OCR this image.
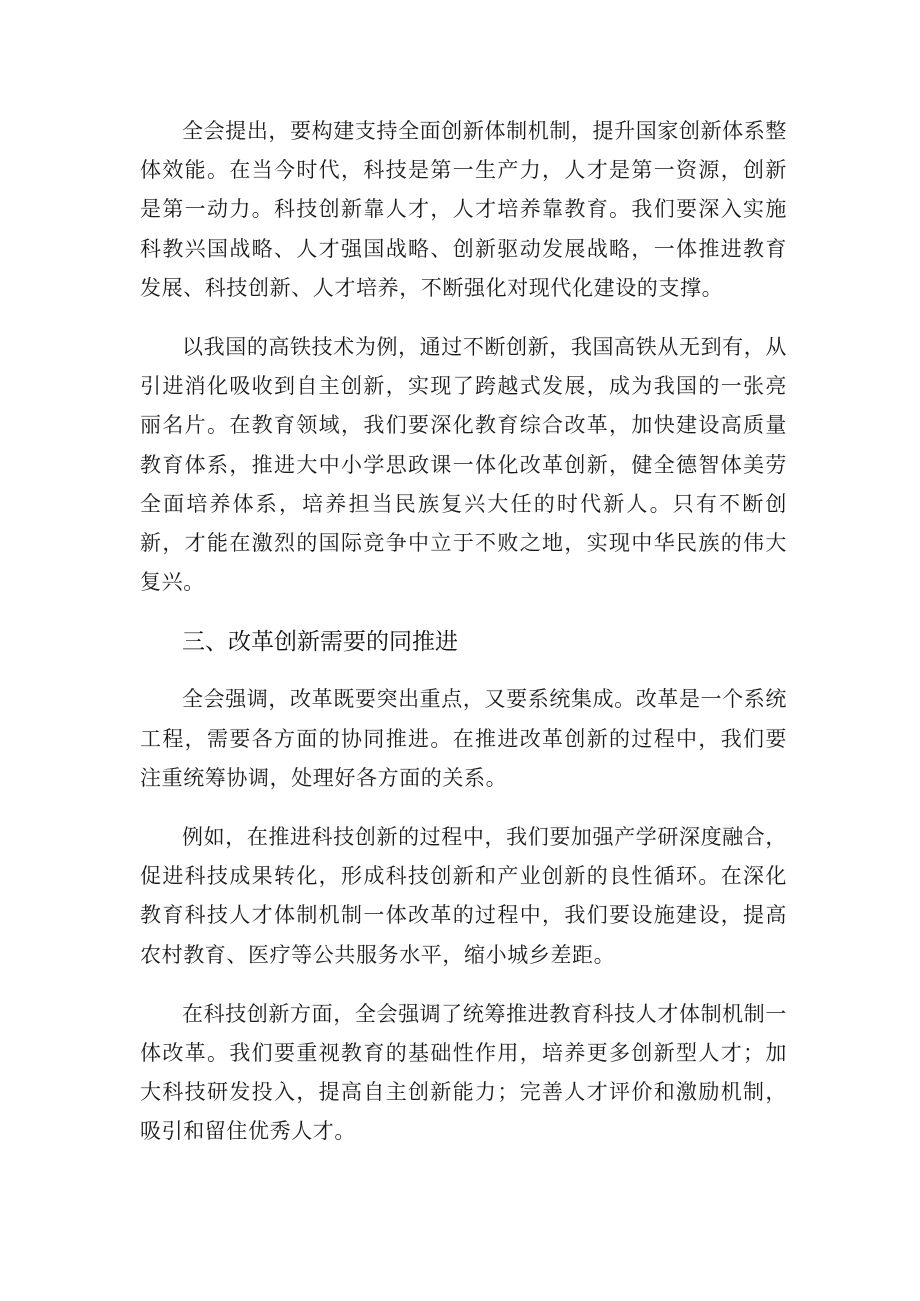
全会提出，要构建支持全面创新体制机制，提升国家创新体系整体效能。在当今时代，科技是第一生产力，人才是第一资源，创新是第一动力。科技创新靠人才，人才培养靠教育。我们要深入实施科教兴国战略、人才强国战略、创新驱动发展战略，一体推进教育发展、科技创新、人才培养，不断强化对现代化建设的支撑。

以我国的高铁技术为例，通过不断创新，我国高铁从无到有，从引进消化吸收到自主创新，实现了跨越式发展，成为我国的一张亮丽名片。在教育领域，我们要深化教育综合改革，加快建设高质量教育体系，推进大中小学思政课一体化改革创新，健全德智体美劳全面培养体系，培养担当民族复兴大任的时代新人。只有不断创新，才能在激烈的国际竞争中立于不败之地，实现中华民族的伟大复兴。

三、改革创新需要的同推进

全会强调，改革既要突出重点，又要系统集成。改革是一个系统工程，需要各方面的协同推进。在推进改革创新的过程中，我们要注重统筹协调，处理好各方面的关系。

例如，在推进科技创新的过程中，我们要加强产学研深度融合，促进科技成果转化，形成科技创新和产业创新的良性循环。在深化教育科技人才体制机制一体改革的过程中，我们要设施建设，提高农村教育、医疗等公共服务水平，缩小城乡差距。

在科技创新方面，全会强调了统筹推进教育科技人才体制机制一体改革。我们要重视教育的基础性作用，培养更多创新型人才；加大科技研发投入，提高自主创新能力；完善人才评价和激励机制，吸引和留住优秀人才。
